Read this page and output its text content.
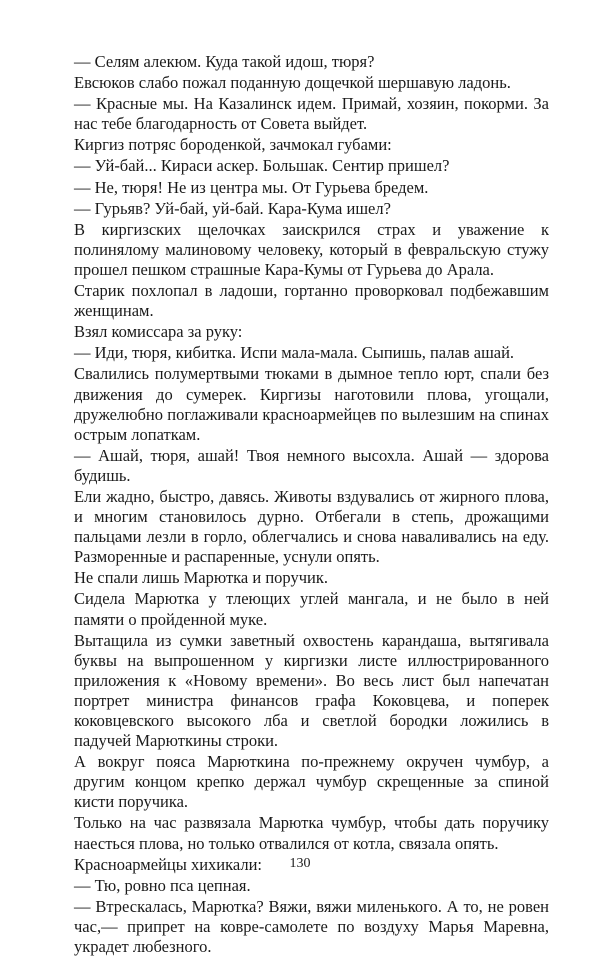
— Селям алекюм. Куда такой идош, тюря?

Евсюков слабо пожал поданную дощечкой шершавую ладонь.

— Красные мы. На Казалинск идем. Примай, хозяин, покорми. За нас тебе благодарность от Совета выйдет.

Киргиз потряс бороденкой, зачмокал губами:

— Уй-бай... Кираси аскер. Большак. Сентир пришел?

— Не, тюря! Не из центра мы. От Гурьева бредем.

— Гурьяв? Уй-бай, уй-бай. Кара-Кума ишел?

В киргизских щелочках заискрился страх и уважение к полинялому малиновому человеку, который в февральскую стужу прошел пешком страшные Кара-Кумы от Гурьева до Арала.

Старик похлопал в ладоши, гортанно проворковал подбежавшим женщинам.

Взял комиссара за руку:

— Иди, тюря, кибитка. Испи мала-мала. Сыпишь, палав ашай.

Свалились полумертвыми тюками в дымное тепло юрт, спали без движения до сумерек. Киргизы наготовили плова, угощали, дружелюбно поглаживали красноармейцев по вылезшим на спинах острым лопаткам.

— Ашай, тюря, ашай! Твоя немного высохла. Ашай — здорова будишь.

Ели жадно, быстро, давясь. Животы вздувались от жирного плова, и многим становилось дурно. Отбегали в степь, дрожащими пальцами лезли в горло, облегчались и снова наваливались на еду. Разморенные и распаренные, уснули опять.

Не спали лишь Марютка и поручик.

Сидела Марютка у тлеющих углей мангала, и не было в ней памяти о пройденной муке.

Вытащила из сумки заветный охвостень карандаша, вытягивала буквы на выпрошенном у киргизки листе иллюстрированного приложения к «Новому времени». Во весь лист был напечатан портрет министра финансов графа Коковцева, и поперек коковцевского высокого лба и светлой бородки ложились в падучей Марюткины строки.

А вокруг пояса Марюткина по-прежнему окручен чумбур, а другим концом крепко держал чумбур скрещенные за спиной кисти поручика.

Только на час развязала Марютка чумбур, чтобы дать поручику наесться плова, но только отвалился от котла, связала опять.

Красноармейцы хихикали:

— Тю, ровно пса цепная.

— Втрескалась, Марютка? Вяжи, вяжи миленького. А то, не ровен час,— припрет на ковре-самолете по воздуху Марья Маревна, украдет любезного.

130
